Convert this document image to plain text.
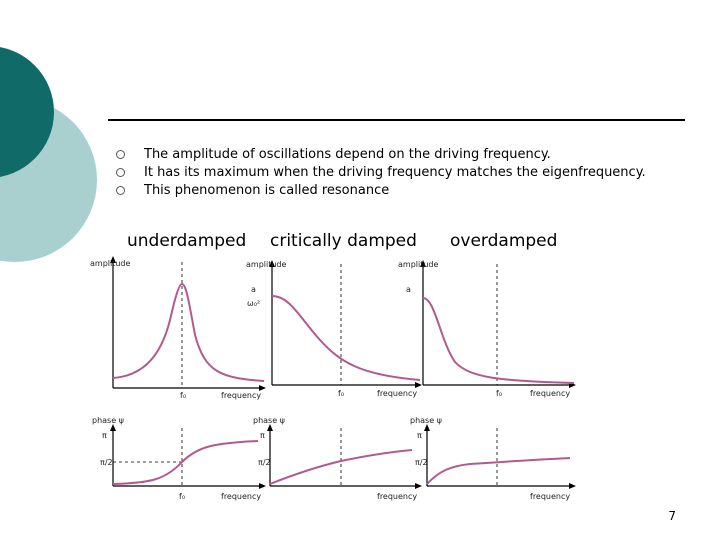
The amplitude of oscillations depend on the driving frequency.
It has its maximum when the driving frequency matches the eigenfrequency.
This phenomenon is called resonance
underdamped critically damped overdamped
amplitude
f₀	frequency
amplitude
a
ω₀²
f₀	frequency
amplitude
a
f₀	frequency
phase ψ
π
π/2
f₀	frequency
phase ψ
π
π/2
frequency
phase ψ
π
π/2
frequency
7
